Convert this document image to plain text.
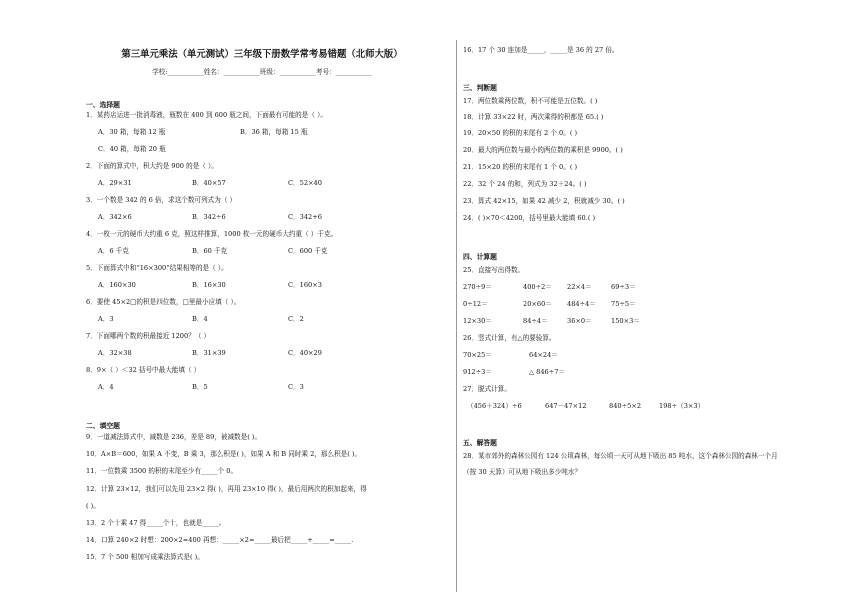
第三单元乘法（单元测试）三年级下册数学常考易错题（北师大版）
学校:___________姓名：___________班级：___________考号：___________
一、选择题
1．某药店运进一批消毒液，瓶数在 400 到 600 瓶之间，下面最有可能的是（ ）。
A．30 箱，每箱 12 瓶	B．36 箱，每箱 15 瓶
C．40 箱，每箱 20 瓶
2．下面的算式中，积大约是 900 的是（ ）。
A．29×31	B．40×57	C．52×40
3．一个数是 342 的 6 倍，求这个数可列式为（ ）
A．342×6	B．342÷6	C．342+6
4．一枚一元的硬币大约重 6 克，照这样推算，1000 枚一元的硬币大约重（ ）千克。
A．6 千克	B．60 千克	C．600 千克
5．下面算式中和“16×300”结果相等的是（ ）。
A．160×30	B．16×30	C．160×3
6．要使 45×2□的积是四位数，□里最小应填（ ）。
A．3	B．4	C．2
7．下面哪两个数的积最接近 1200？（ ）
A．32×38	B．31×39	C．40×29
8．9×（ ）＜32 括号中最大能填（ ）
A．4	B．5	C．3
二、填空题
9．一道减法算式中，减数是 236，差是 89，被减数是( )。
10．A×B＝600，如果 A 不变，B 乘 3，那么积是( )，如果 A 和 B 同时乘 2，那么积是( )。
11．一位数乘 3500 的积的末尾至少有_____个 0。
12．计算 23×12，我们可以先用 23×2 得( )，再用 23×10 得( )，最后用两次的积加起来，得
( )。
13．2 个十乘 47 得_____个十，也就是_____。
14．口算 240×2 时想：200×2=400 再想：_____×2=_____最后把_____+_____=_____.
15．7 个 500 相加写成乘法算式是( )。
16．17 个 30 连加是_____，_____是 36 的 27 倍。
三、判断题
17．两位数乘两位数，积不可能是五位数。( )
18．计算 33×22 时，两次乘得的积都是 65.( )
19．20×50 的积的末尾有 2 个 0。( )
20．最大的两位数与最小的两位数的乘积是 9900。( )
21．15×20 的积的末尾有 1 个 0。( )
22．32 个 24 的和，列式为 32＋24。( )
23．算式 42×15，如果 42 减少 2，积就减少 30。( )
24．( )×70＜4200，括号里最大能填 60.( )
四、计算题
25．直接写出得数。
270÷9＝	400÷2＝ 22×4＝	69÷3＝
0÷12＝	20×60＝ 484÷4＝ 75÷5＝
12×30＝	84÷4＝	36×0＝	150×3＝
26．竖式计算，有△的要验算。
70×25＝	64×24＝
912÷3＝	△ 846÷7＝
27．脱式计算。
（456＋324）÷6	647－47×12	840÷5×2	198÷（3×3）
五、解答题
28．某市郊外的森林公园有 124 公顷森林，每公顷一天可从地下吸出 85 吨水，这个森林公园的森林一个月
（按 30 天算）可从地下吸出多少吨水？
